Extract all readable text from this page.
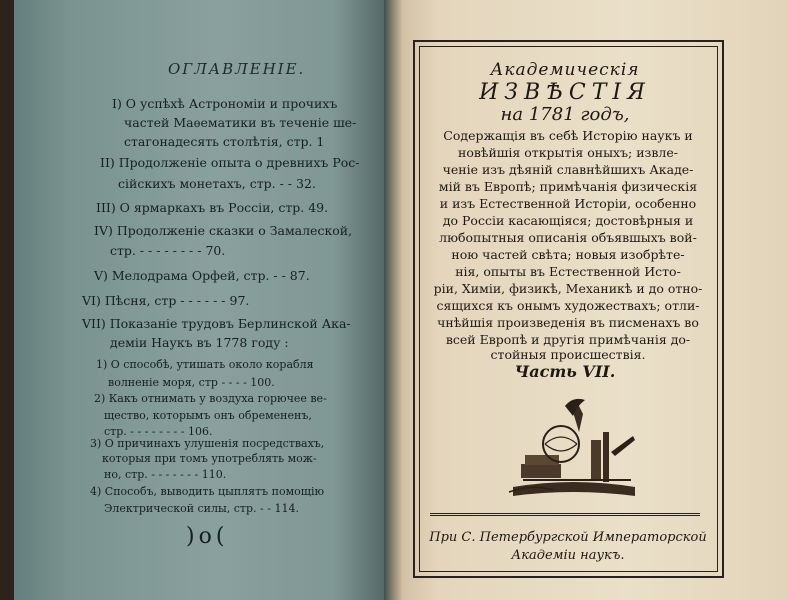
ОГЛАВЛЕНІЕ.
I) О успѣхѣ Астрономіи и прочихъ
частей Маѳематики въ теченіе ше-
стагонадесять столѣтія, стр. 1
II) Продолженіе опыта о древнихъ Рос-
сійскихъ монетахъ, стр. - - 32.
III) О ярмаркахъ въ Россіи, стр. 49.
IV) Продолженіе сказки о Замалеской,
стр. - - - - - - - - 70.
V) Мелодрама Орфей, стр. - - 87.
VI) Пѣсня, стр - - - - - - 97.
VII) Показаніе трудовъ Берлинской Ака-
деміи Наукъ въ 1778 году :
1) О способѣ, утишать около корабля
волненіе моря, стр - - - - 100.
2) Какъ отнимать у воздуха горючее ве-
щество, которымъ онъ обремененъ,
стр. - - - - - - - - 106.
3) О причинахъ улушенія посредствахъ,
которыя при томъ употреблять мож-
но, стр. - - - - - - - 110.
4) Способъ, выводить цыплятъ помощію
Электрической силы, стр. - - 114.
)o(
Академическія
ИЗВѢСТІЯ
на 1781 годъ,
Содержащія въ себѣ Исторію наукъ и
новѣйшія открытія оныхъ; извле-
ченіе изъ дѣяній славнѣйшихъ Акаде-
мій въ Европѣ; примѣчанія физическія
и изъ Естественной Исторіи, особенно
до Россіи касающіяся; достовѣрныя и
любопытныя описанія объявшыхъ вой-
ною частей свѣта; новыя изобрѣте-
нія, опыты въ Естественной Исто-
ріи, Химіи, физикѣ, Механикѣ и до отно-
сящихся къ онымъ художествахъ; отли-
чнѣйшія произведенія въ писменахъ во
всей Европѣ и другія примѣчанія до-
стойныя происшествія.
Часть VII.
При С. Петербургской Императорской
Академіи наукъ.
